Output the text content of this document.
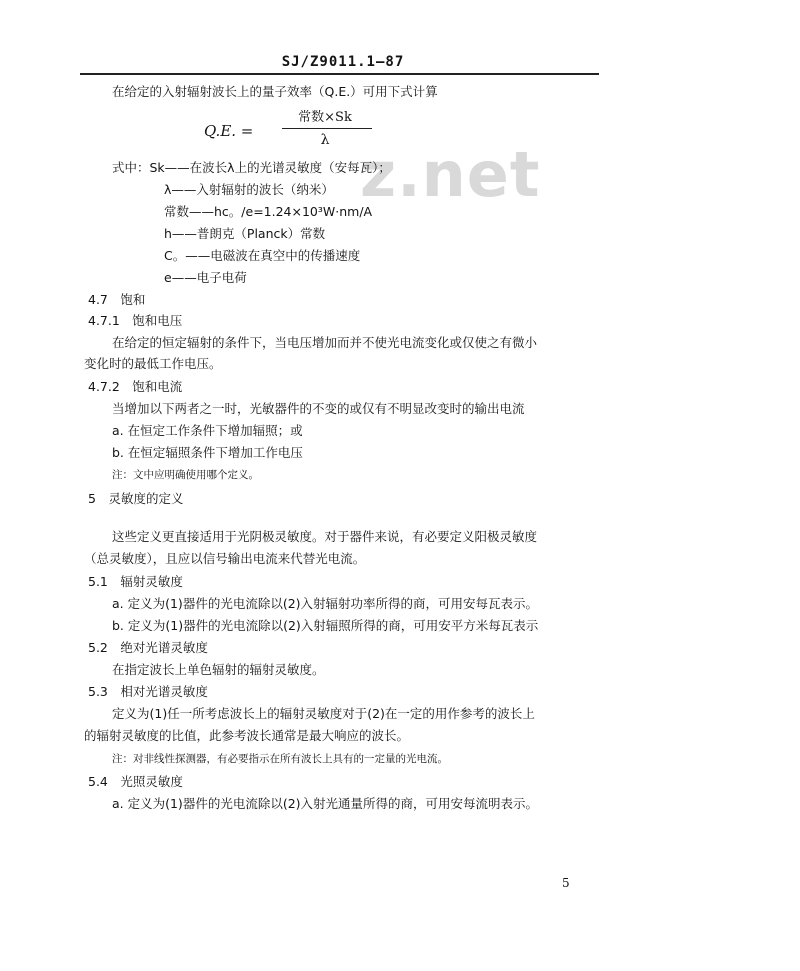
z.net
SJ/Z9011.1—87
在给定的入射辐射波长上的量子效率（Q.E.）可用下式计算
Q.E. =
常数×Sk
λ
式中：Sk——在波长λ上的光谱灵敏度（安每瓦）；
λ——入射辐射的波长（纳米）
常数——hc。/e=1.24×10³W·nm/A
h——普朗克（Planck）常数
C。——电磁波在真空中的传播速度
e——电子电荷
4.7　饱和
4.7.1　饱和电压
在给定的恒定辐射的条件下，当电压增加而并不使光电流变化或仅使之有微小
变化时的最低工作电压。
4.7.2　饱和电流
当增加以下两者之一时，光敏器件的不变的或仅有不明显改变时的输出电流
a. 在恒定工作条件下增加辐照；或
b. 在恒定辐照条件下增加工作电压
注：文中应明确使用哪个定义。
5　灵敏度的定义
这些定义更直接适用于光阴极灵敏度。对于器件来说，有必要定义阳极灵敏度
（总灵敏度），且应以信号输出电流来代替光电流。
5.1　辐射灵敏度
a. 定义为(1)器件的光电流除以(2)入射辐射功率所得的商，可用安每瓦表示。
b. 定义为(1)器件的光电流除以(2)入射辐照所得的商，可用安平方米每瓦表示
5.2　绝对光谱灵敏度
在指定波长上单色辐射的辐射灵敏度。
5.3　相对光谱灵敏度
定义为(1)任一所考虑波长上的辐射灵敏度对于(2)在一定的用作参考的波长上
的辐射灵敏度的比值，此参考波长通常是最大响应的波长。
注：对非线性探测器，有必要指示在所有波长上具有的一定量的光电流。
5.4　光照灵敏度
a. 定义为(1)器件的光电流除以(2)入射光通量所得的商，可用安每流明表示。
5
